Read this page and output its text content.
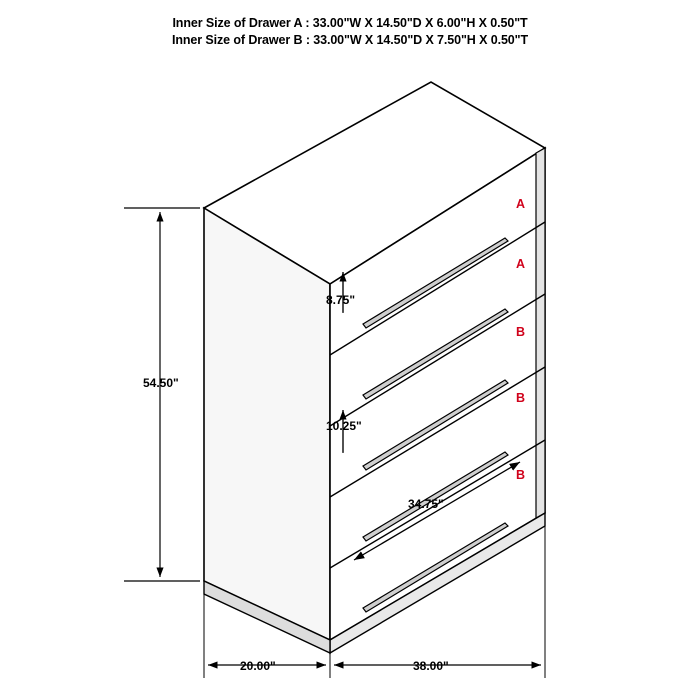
Inner Size of Drawer A : 33.00"W X 14.50"D X 6.00"H X 0.50"T
Inner Size of Drawer B : 33.00"W X 14.50"D X 7.50"H X 0.50"T
54.50"
8.75"
10.25"
34.75"
20.00"	38.00"
A
A
B
B
B
